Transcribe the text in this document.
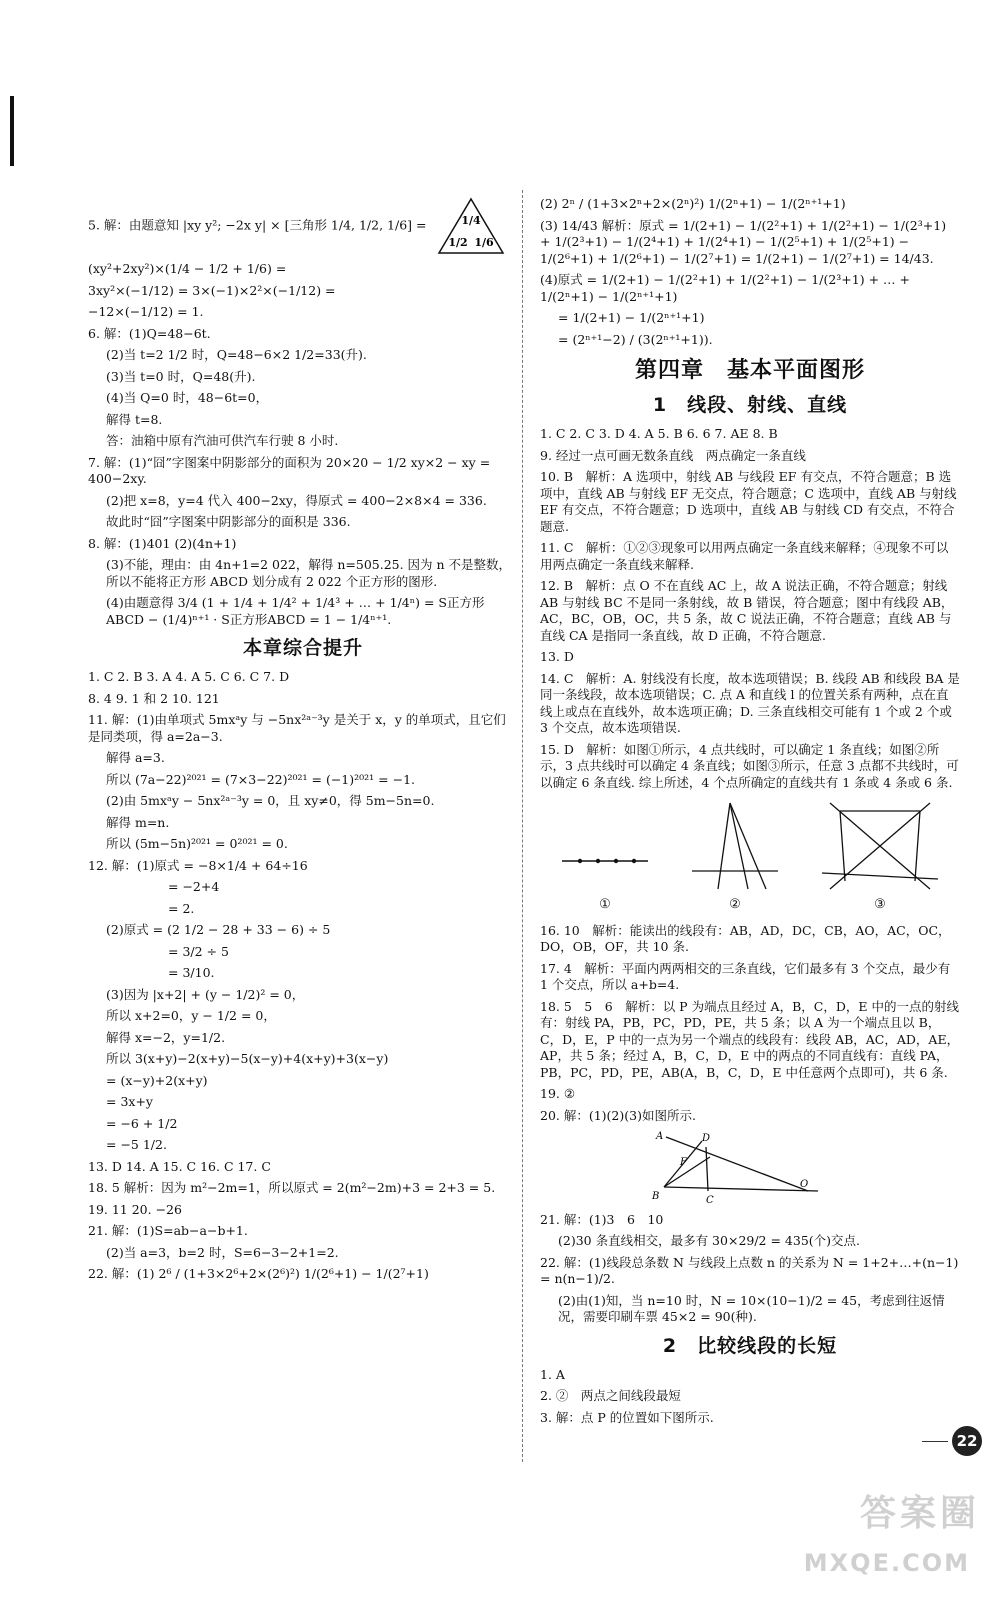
5. 解：由题意知 |xy y²; −2x y| × [三角形 1/4, 1/2, 1/6] =	1/4
1/2 1/6
(xy²+2xy²)×(1/4 − 1/2 + 1/6) =
3xy²×(−1/12) = 3×(−1)×2²×(−1/12) =
−12×(−1/12) = 1.
6. 解：(1)Q=48−6t.
(2)当 t=2 1/2 时，Q=48−6×2 1/2=33(升).
(3)当 t=0 时，Q=48(升).
(4)当 Q=0 时，48−6t=0，
解得 t=8.
答：油箱中原有汽油可供汽车行驶 8 小时.
7. 解：(1)“囧”字图案中阴影部分的面积为 20×20 − 1/2 xy×2 − xy = 400−2xy.
(2)把 x=8，y=4 代入 400−2xy，得原式 = 400−2×8×4 = 336.
故此时“囧”字图案中阴影部分的面积是 336.
8. 解：(1)401 (2)(4n+1)
(3)不能，理由：由 4n+1=2 022，解得 n=505.25. 因为 n 不是整数，所以不能将正方形 ABCD 划分成有 2 022 个正方形的图形.
(4)由题意得 3/4 (1 + 1/4 + 1/4² + 1/4³ + … + 1/4ⁿ) = S正方形ABCD − (1/4)ⁿ⁺¹ · S正方形ABCD = 1 − 1/4ⁿ⁺¹.
本章综合提升
1. C 2. B 3. A 4. A 5. C 6. C 7. D
8. 4 9. 1 和 2 10. 121
11. 解：(1)由单项式 5mxᵃy 与 −5nx²ᵃ⁻³y 是关于 x，y 的单项式，且它们是同类项，得 a=2a−3.
解得 a=3.
所以 (7a−22)²⁰²¹ = (7×3−22)²⁰²¹ = (−1)²⁰²¹ = −1.
(2)由 5mxᵃy − 5nx²ᵃ⁻³y = 0，且 xy≠0，得 5m−5n=0.
解得 m=n.
所以 (5m−5n)²⁰²¹ = 0²⁰²¹ = 0.
12. 解：(1)原式 = −8×1/4 + 64÷16
= −2+4
= 2.
(2)原式 = (2 1/2 − 28 + 33 − 6) ÷ 5
= 3/2 ÷ 5
= 3/10.
(3)因为 |x+2| + (y − 1/2)² = 0，
所以 x+2=0，y − 1/2 = 0，
解得 x=−2，y=1/2.
所以 3(x+y)−2(x+y)−5(x−y)+4(x+y)+3(x−y)
= (x−y)+2(x+y)
= 3x+y
= −6 + 1/2
= −5 1/2.
13. D 14. A 15. C 16. C 17. C
18. 5 解析：因为 m²−2m=1，所以原式 = 2(m²−2m)+3 = 2+3 = 5.
19. 11 20. −26
21. 解：(1)S=ab−a−b+1.
(2)当 a=3，b=2 时，S=6−3−2+1=2.
22. 解：(1) 2⁶ / (1+3×2⁶+2×(2⁶)²) 1/(2⁶+1) − 1/(2⁷+1)
(2) 2ⁿ / (1+3×2ⁿ+2×(2ⁿ)²) 1/(2ⁿ+1) − 1/(2ⁿ⁺¹+1)
(3) 14/43 解析：原式 = 1/(2+1) − 1/(2²+1) + 1/(2²+1) − 1/(2³+1) + 1/(2³+1) − 1/(2⁴+1) + 1/(2⁴+1) − 1/(2⁵+1) + 1/(2⁵+1) − 1/(2⁶+1) + 1/(2⁶+1) − 1/(2⁷+1) = 1/(2+1) − 1/(2⁷+1) = 14/43.
(4)原式 = 1/(2+1) − 1/(2²+1) + 1/(2²+1) − 1/(2³+1) + … + 1/(2ⁿ+1) − 1/(2ⁿ⁺¹+1)
= 1/(2+1) − 1/(2ⁿ⁺¹+1)
= (2ⁿ⁺¹−2) / (3(2ⁿ⁺¹+1)).
第四章　基本平面图形
1　线段、射线、直线
1. C 2. C 3. D 4. A 5. B 6. 6 7. AE 8. B
9. 经过一点可画无数条直线　两点确定一条直线
10. B　解析：A 选项中，射线 AB 与线段 EF 有交点，不符合题意；B 选项中，直线 AB 与射线 EF 无交点，符合题意；C 选项中，直线 AB 与射线 EF 有交点，不符合题意；D 选项中，直线 AB 与射线 CD 有交点，不符合题意.
11. C　解析：①②③现象可以用两点确定一条直线来解释；④现象不可以用两点确定一条直线来解释.
12. B　解析：点 O 不在直线 AC 上，故 A 说法正确，不符合题意；射线 AB 与射线 BC 不是同一条射线，故 B 错误，符合题意；图中有线段 AB，AC，BC，OB，OC，共 5 条，故 C 说法正确，不符合题意；直线 AB 与直线 CA 是指同一条直线，故 D 正确，不符合题意.
13. D
14. C　解析：A. 射线没有长度，故本选项错误；B. 线段 AB 和线段 BA 是同一条线段，故本选项错误；C. 点 A 和直线 l 的位置关系有两种，点在直线上或点在直线外，故本选项正确；D. 三条直线相交可能有 1 个或 2 个或 3 个交点，故本选项错误.
15. D　解析：如图①所示，4 点共线时，可以确定 1 条直线；如图②所示，3 点共线时可以确定 4 条直线；如图③所示，任意 3 点都不共线时，可以确定 6 条直线. 综上所述，4 个点所确定的直线共有 1 条或 4 条或 6 条.
①	②	③
16. 10　解析：能读出的线段有：AB，AD，DC，CB，AO，AC，OC，DO，OB，OF，共 10 条.
17. 4　解析：平面内两两相交的三条直线，它们最多有 3 个交点，最少有 1 个交点，所以 a+b=4.
18. 5　5　6　解析：以 P 为端点且经过 A，B，C，D，E 中的一点的射线有：射线 PA，PB，PC，PD，PE，共 5 条；以 A 为一个端点且以 B，C，D，E，P 中的一点为另一个端点的线段有：线段 AB，AC，AD，AE，AP，共 5 条；经过 A，B，C，D，E 中的两点的不同直线有：直线 PA，PB，PC，PD，PE，AB(A，B，C，D，E 中任意两个点即可)，共 6 条.
19. ②
20. 解：(1)(2)(3)如图所示.
A	D
F
B	C
O
21. 解：(1)3　6　10
(2)30 条直线相交，最多有 30×29/2 = 435(个)交点.
22. 解：(1)线段总条数 N 与线段上点数 n 的关系为 N = 1+2+…+(n−1) = n(n−1)/2.
(2)由(1)知，当 n=10 时，N = 10×(10−1)/2 = 45，考虑到往返情况，需要印刷车票 45×2 = 90(种).
2　比较线段的长短
1. A
2. ②　两点之间线段最短
3. 解：点 P 的位置如下图所示.
22
答案圈
MXQE.COM
